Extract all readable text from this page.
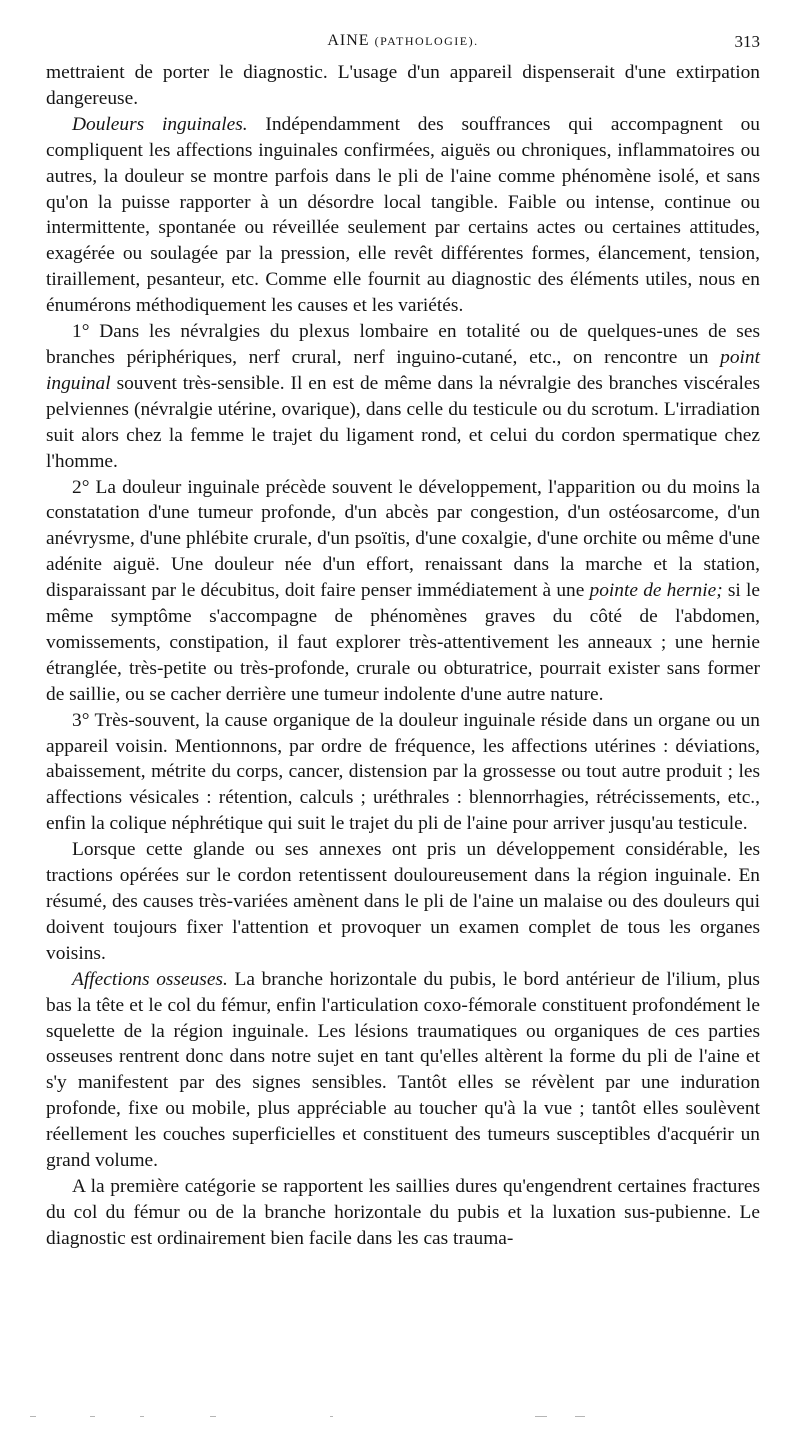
AINE (PATHOLOGIE).	313

mettraient de porter le diagnostic. L'usage d'un appareil dispenserait d'une extirpation dangereuse.

Douleurs inguinales. Indépendamment des souffrances qui accompagnent ou compliquent les affections inguinales confirmées, aiguës ou chroniques, inflammatoires ou autres, la douleur se montre parfois dans le pli de l'aine comme phénomène isolé, et sans qu'on la puisse rapporter à un désordre local tangible. Faible ou intense, continue ou intermittente, spontanée ou réveillée seulement par certains actes ou certaines attitudes, exagérée ou soulagée par la pression, elle revêt différentes formes, élancement, tension, tiraillement, pesanteur, etc. Comme elle fournit au diagnostic des éléments utiles, nous en énumérons méthodiquement les causes et les variétés.

1° Dans les névralgies du plexus lombaire en totalité ou de quelques-unes de ses branches périphériques, nerf crural, nerf inguino-cutané, etc., on rencontre un point inguinal souvent très-sensible. Il en est de même dans la névralgie des branches viscérales pelviennes (névralgie utérine, ovarique), dans celle du testicule ou du scrotum. L'irradiation suit alors chez la femme le trajet du ligament rond, et celui du cordon spermatique chez l'homme.

2° La douleur inguinale précède souvent le développement, l'apparition ou du moins la constatation d'une tumeur profonde, d'un abcès par congestion, d'un ostéosarcome, d'un anévrysme, d'une phlébite crurale, d'un psoïtis, d'une coxalgie, d'une orchite ou même d'une adénite aiguë. Une douleur née d'un effort, renaissant dans la marche et la station, disparaissant par le décubitus, doit faire penser immédiatement à une pointe de hernie; si le même symptôme s'accompagne de phénomènes graves du côté de l'abdomen, vomissements, constipation, il faut explorer très-attentivement les anneaux ; une hernie étranglée, très-petite ou très-profonde, crurale ou obturatrice, pourrait exister sans former de saillie, ou se cacher derrière une tumeur indolente d'une autre nature.

3° Très-souvent, la cause organique de la douleur inguinale réside dans un organe ou un appareil voisin. Mentionnons, par ordre de fréquence, les affections utérines : déviations, abaissement, métrite du corps, cancer, distension par la grossesse ou tout autre produit ; les affections vésicales : rétention, calculs ; uréthrales : blennorrhagies, rétrécissements, etc., enfin la colique néphrétique qui suit le trajet du pli de l'aine pour arriver jusqu'au testicule.

Lorsque cette glande ou ses annexes ont pris un développement considérable, les tractions opérées sur le cordon retentissent douloureusement dans la région inguinale. En résumé, des causes très-variées amènent dans le pli de l'aine un malaise ou des douleurs qui doivent toujours fixer l'attention et provoquer un examen complet de tous les organes voisins.

Affections osseuses. La branche horizontale du pubis, le bord antérieur de l'ilium, plus bas la tête et le col du fémur, enfin l'articulation coxo-fémorale constituent profondément le squelette de la région inguinale. Les lésions traumatiques ou organiques de ces parties osseuses rentrent donc dans notre sujet en tant qu'elles altèrent la forme du pli de l'aine et s'y manifestent par des signes sensibles. Tantôt elles se révèlent par une induration profonde, fixe ou mobile, plus appréciable au toucher qu'à la vue ; tantôt elles soulèvent réellement les couches superficielles et constituent des tumeurs susceptibles d'acquérir un grand volume.

A la première catégorie se rapportent les saillies dures qu'engendrent certaines fractures du col du fémur ou de la branche horizontale du pubis et la luxation sus-pubienne. Le diagnostic est ordinairement bien facile dans les cas trauma-
